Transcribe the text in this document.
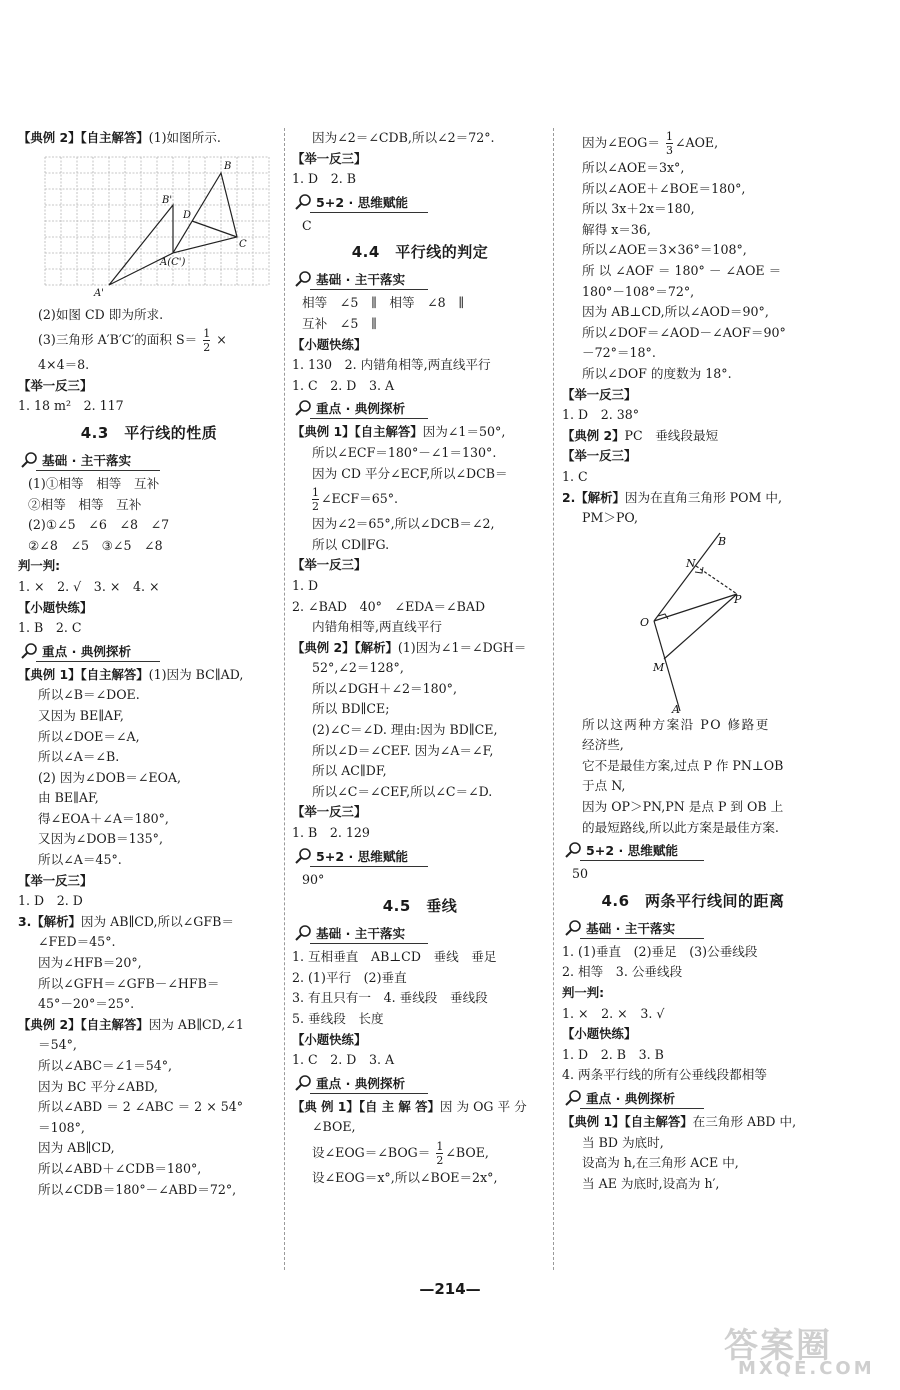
【典例 2】【自主解答】(1)如图所示.
B
B'
D
C
A(C')
A'
(2)如图 CD 即为所求.
(3)三角形 A′B′C′的面积 $S= \frac{1}{2}$ ×
4×4＝8.
【举一反三】
1. 18 m²　2. 117
4.3　平行线的性质
基础 · 主干落实
(1)①相等　相等　互补
②相等　相等　互补
(2)①∠5　∠6　∠8　∠7
②∠8　∠5　③∠5　∠8
判一判:
1. ×　2. √　3. ×　4. ×
【小题快练】
1. B　2. C
重点 · 典例探析
【典例 1】【自主解答】(1)因为 BC∥AD,
所以∠B＝∠DOE.
又因为 BE∥AF,
所以∠DOE＝∠A,
所以∠A＝∠B.
(2) 因为∠DOB＝∠EOA,
由 BE∥AF,
得∠EOA＋∠A＝180°,
又因为∠DOB＝135°,
所以∠A＝45°.
【举一反三】
1. D　2. D
3.【解析】因为 AB∥CD,所以∠GFB＝
∠FED＝45°.
因为∠HFB＝20°,
所以∠GFH＝∠GFB－∠HFB＝
45°－20°＝25°.
【典例 2】【自主解答】因为 AB∥CD,∠1
＝54°,
所以∠ABC＝∠1＝54°,
因为 BC 平分∠ABD,
所以∠ABD ＝ 2 ∠ABC ＝ 2 × 54°
＝108°,
因为 AB∥CD,
所以∠ABD＋∠CDB＝180°,
所以∠CDB＝180°－∠ABD＝72°,
因为∠2＝∠CDB,所以∠2＝72°.
【举一反三】
1. D　2. B
5+2 · 思维赋能
C
4.4　平行线的判定
基础 · 主干落实
相等　∠5　∥　相等　∠8　∥
互补　∠5　∥
【小题快练】
1. 130　2. 内错角相等,两直线平行
1. C　2. D　3. A
重点 · 典例探析
【典例 1】【自主解答】因为∠1＝50°,
所以∠ECF＝180°－∠1＝130°.
因为 CD 平分∠ECF,所以∠DCB＝
$\frac{1}{2}$ ∠ECF＝65°.
因为∠2＝65°,所以∠DCB＝∠2,
所以 CD∥FG.
【举一反三】
1. D
2. ∠BAD　40°　∠EDA＝∠BAD
内错角相等,两直线平行
【典例 2】【解析】(1)因为∠1＝∠DGH＝
52°,∠2＝128°,
所以∠DGH＋∠2＝180°,
所以 BD∥CE;
(2)∠C＝∠D. 理由:因为 BD∥CE,
所以∠D＝∠CEF. 因为∠A＝∠F,
所以 AC∥DF,
所以∠C＝∠CEF,所以∠C＝∠D.
【举一反三】
1. B　2. 129
5+2 · 思维赋能
90°
4.5　垂线
基础 · 主干落实
1. 互相垂直　AB⊥CD　垂线　垂足
2. (1)平行　(2)垂直
3. 有且只有一　4. 垂线段　垂线段
5. 垂线段　长度
【小题快练】
1. C　2. D　3. A
重点 · 典例探析
【典 例 1】【自 主 解 答】因 为 OG 平 分
∠BOE,
设∠EOG＝∠BOG＝ $\frac{1}{2}$ ∠BOE,
设∠EOG＝x°,所以∠BOE＝2x°,
因为∠EOG＝ $\frac{1}{3}$ ∠AOE,
所以∠AOE＝3x°,
所以∠AOE＋∠BOE＝180°,
所以 3x＋2x＝180,
解得 x＝36,
所以∠AOE＝3×36°＝108°,
所 以 ∠AOF ＝ 180° － ∠AOE ＝
180°－108°＝72°,
因为 AB⊥CD,所以∠AOD＝90°,
所以∠DOF＝∠AOD－∠AOF＝90°
－72°＝18°.
所以∠DOF 的度数为 18°.
【举一反三】
1. D　2. 38°
【典例 2】PC　垂线段最短
【举一反三】
1. C
2.【解析】因为在直角三角形 POM 中,
PM＞PO,
B
N
P
O
M
A
所以这两种方案沿 PO 修路更
经济些,
它不是最佳方案,过点 P 作 PN⊥OB
于点 N,
因为 OP＞PN,PN 是点 P 到 OB 上
的最短路线,所以此方案是最佳方案.
5+2 · 思维赋能
50
4.6　两条平行线间的距离
基础 · 主干落实
1. (1)垂直　(2)垂足　(3)公垂线段
2. 相等　3. 公垂线段
判一判:
1. ×　2. ×　3. √
【小题快练】
1. D　2. B　3. B
4. 两条平行线的所有公垂线段都相等
重点 · 典例探析
【典例 1】【自主解答】在三角形 ABD 中,
当 BD 为底时,
设高为 h,在三角形 ACE 中,
当 AE 为底时,设高为 h′,
—214—
答案圈
MXQE.COM
